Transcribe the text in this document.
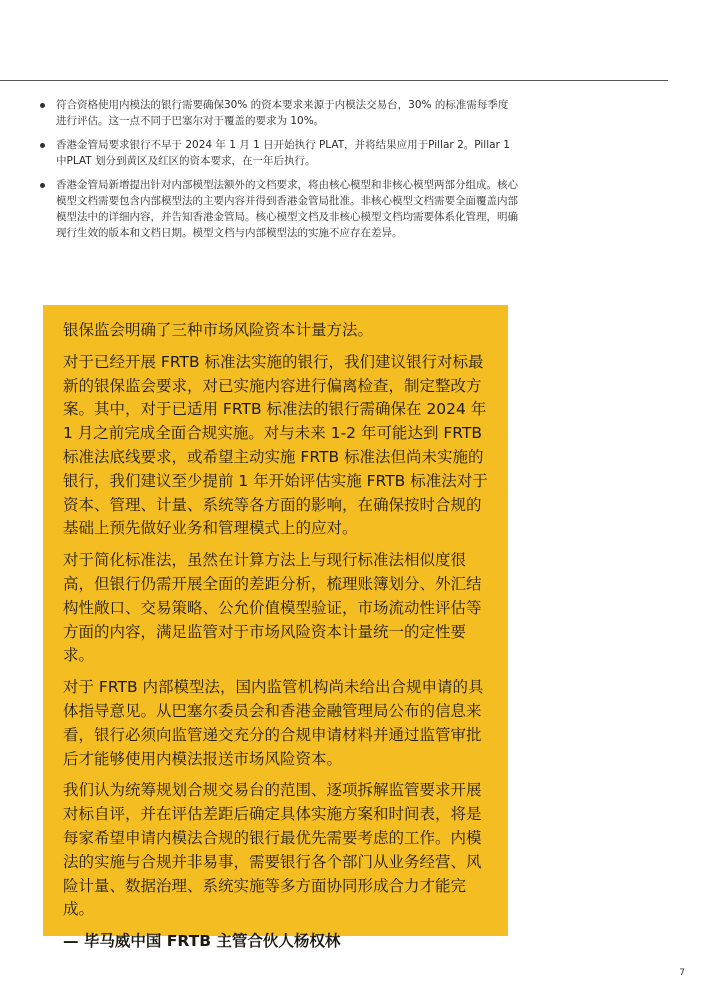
符合资格使用内模法的银行需要确保30% 的资本要求来源于内模法交易台，30% 的标准需每季度进行评估。这一点不同于巴塞尔对于覆盖的要求为 10%。
香港金管局要求银行不早于 2024 年 1 月 1 日开始执行 PLAT，并将结果应用于Pillar 2。Pillar 1中PLAT 划分到黄区及红区的资本要求，在一年后执行。
香港金管局新增提出针对内部模型法额外的文档要求，将由核心模型和非核心模型两部分组成。核心模型文档需要包含内部模型法的主要内容并得到香港金管局批准。非核心模型文档需要全面覆盖内部模型法中的详细内容，并告知香港金管局。核心模型文档及非核心模型文档均需要体系化管理，明确现行生效的版本和文档日期。模型文档与内部模型法的实施不应存在差异。

银保监会明确了三种市场风险资本计量方法。

对于已经开展 FRTB 标准法实施的银行，我们建议银行对标最新的银保监会要求，对已实施内容进行偏离检查，制定整改方案。其中，对于已适用 FRTB 标准法的银行需确保在 2024 年 1 月之前完成全面合规实施。对与未来 1-2 年可能达到 FRTB 标准法底线要求，或希望主动实施 FRTB 标准法但尚未实施的银行，我们建议至少提前 1 年开始评估实施 FRTB 标准法对于资本、管理、计量、系统等各方面的影响，在确保按时合规的基础上预先做好业务和管理模式上的应对。

对于简化标准法，虽然在计算方法上与现行标准法相似度很高，但银行仍需开展全面的差距分析，梳理账簿划分、外汇结构性敞口、交易策略、公允价值模型验证，市场流动性评估等方面的内容，满足监管对于市场风险资本计量统一的定性要求。

对于 FRTB 内部模型法，国内监管机构尚未给出合规申请的具体指导意见。从巴塞尔委员会和香港金融管理局公布的信息来看，银行必须向监管递交充分的合规申请材料并通过监管审批后才能够使用内模法报送市场风险资本。

我们认为统筹规划合规交易台的范围、逐项拆解监管要求开展对标自评，并在评估差距后确定具体实施方案和时间表，将是每家希望申请内模法合规的银行最优先需要考虑的工作。内模法的实施与合规并非易事，需要银行各个部门从业务经营、风险计量、数据治理、系统实施等多方面协同形成合力才能完成。

— 毕马威中国 FRTB 主管合伙人杨权林

7
